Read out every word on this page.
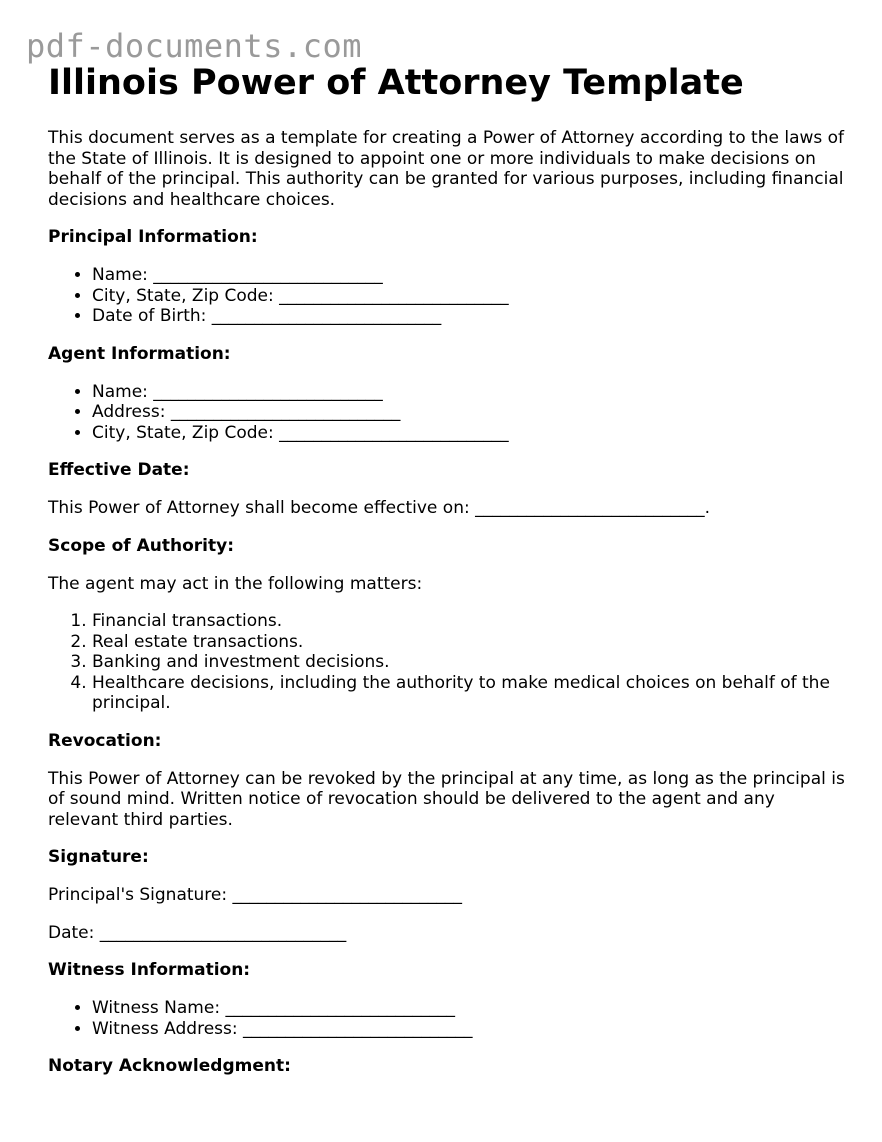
pdf-documents.com
Illinois Power of Attorney Template

This document serves as a template for creating a Power of Attorney according to the laws of the State of Illinois. It is designed to appoint one or more individuals to make decisions on behalf of the principal. This authority can be granted for various purposes, including financial decisions and healthcare choices.

Principal Information:
• Name: ___________________________
• City, State, Zip Code: ___________________________
• Date of Birth: ___________________________
Agent Information:
• Name: ___________________________
• Address: ___________________________
• City, State, Zip Code: ___________________________
Effective Date:

This Power of Attorney shall become effective on: ___________________________.

Scope of Authority:

The agent may act in the following matters:

1. Financial transactions.
2. Real estate transactions.
3. Banking and investment decisions.
4. Healthcare decisions, including the authority to make medical choices on behalf of the principal.
Revocation:

This Power of Attorney can be revoked by the principal at any time, as long as the principal is of sound mind. Written notice of revocation should be delivered to the agent and any relevant third parties.

Signature:

Principal's Signature: ___________________________

Date: _____________________________

Witness Information:
• Witness Name: ___________________________
• Witness Address: ___________________________
Notary Acknowledgment:
